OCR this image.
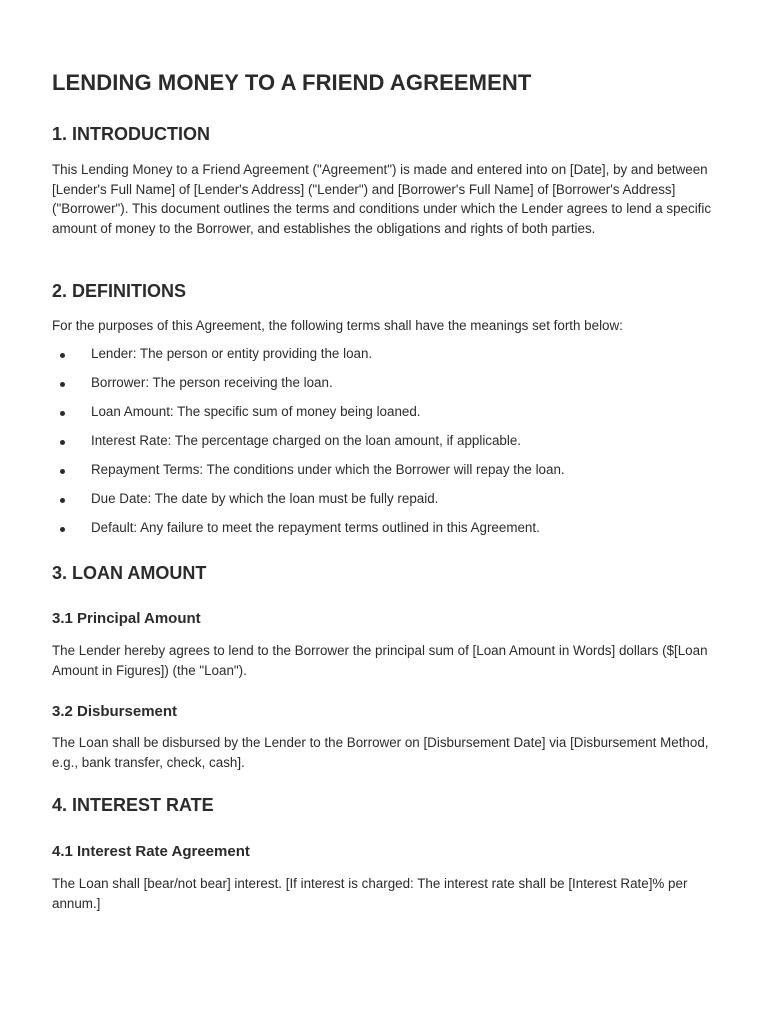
LENDING MONEY TO A FRIEND AGREEMENT
1. INTRODUCTION

This Lending Money to a Friend Agreement ("Agreement") is made and entered into on [Date], by and between [Lender's Full Name] of [Lender's Address] ("Lender") and [Borrower's Full Name] of [Borrower's Address] ("Borrower"). This document outlines the terms and conditions under which the Lender agrees to lend a specific amount of money to the Borrower, and establishes the obligations and rights of both parties.

2. DEFINITIONS

For the purposes of this Agreement, the following terms shall have the meanings set forth below:

Lender: The person or entity providing the loan.
Borrower: The person receiving the loan.
Loan Amount: The specific sum of money being loaned.
Interest Rate: The percentage charged on the loan amount, if applicable.
Repayment Terms: The conditions under which the Borrower will repay the loan.
Due Date: The date by which the loan must be fully repaid.
Default: Any failure to meet the repayment terms outlined in this Agreement.
3. LOAN AMOUNT
3.1 Principal Amount

The Lender hereby agrees to lend to the Borrower the principal sum of [Loan Amount in Words] dollars ($[Loan Amount in Figures]) (the "Loan").

3.2 Disbursement

The Loan shall be disbursed by the Lender to the Borrower on [Disbursement Date] via [Disbursement Method, e.g., bank transfer, check, cash].

4. INTEREST RATE
4.1 Interest Rate Agreement

The Loan shall [bear/not bear] interest. [If interest is charged: The interest rate shall be [Interest Rate]% per annum.]
